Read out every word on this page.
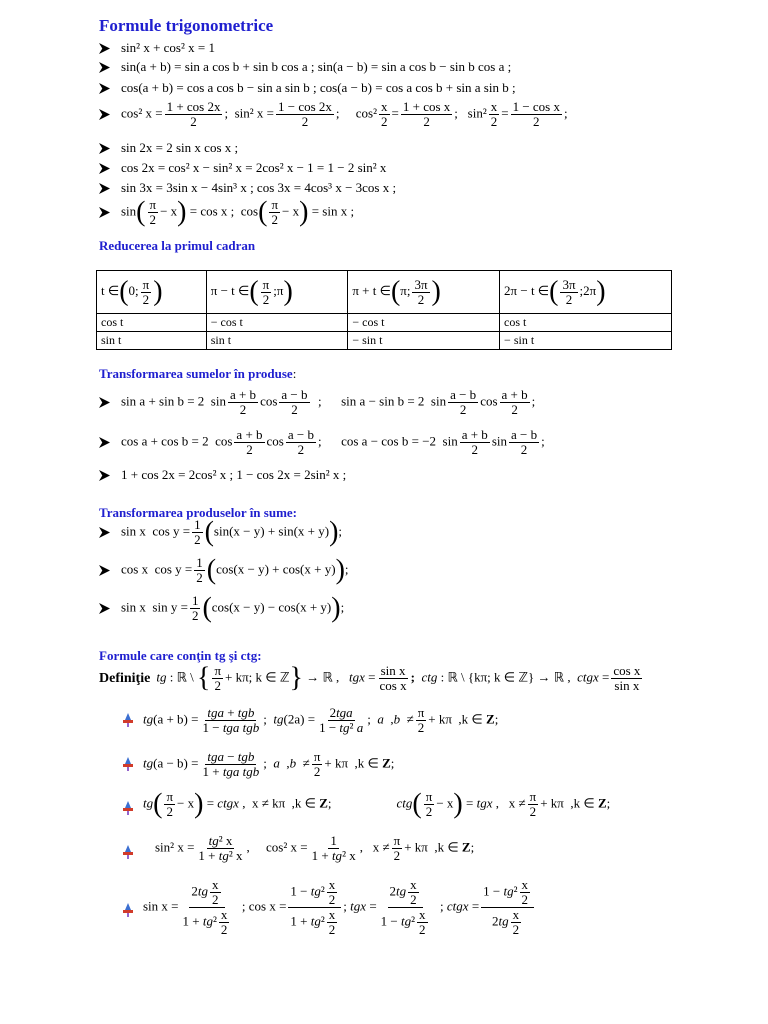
Formule trigonometrice
sin² x + cos² x = 1
sin(a + b) = sin a cos b + sin b cos a ; sin(a − b) = sin a cos b − sin b cos a ;
cos(a + b) = cos a cos b − sin a sin b ; cos(a − b) = cos a cos b + sin a sin b ;
cos² $x = \frac{1 + \cos 2x}{2}$ ;  sin² $x = \frac{1 - \cos 2x}{2}$ ;     $\cos^2 \frac{x}{2} = \frac{\text{1 + cos x}}{2}$ ;   $\sin^2 \frac{x}{2} = \frac{\text{1 − cos x}}{2}$ ;
sin 2x = 2 sin x cos x ;
cos 2x = cos² x − sin² x = 2cos² x − 1 = 1 − 2 sin² x
sin 3x = 3sin x − 4sin³ x ; cos 3x = 4cos³ x − 3cos x ;
$\sin( \frac{\pi}{2} - x) = \cos x$ ;  $\cos( \frac{\pi}{2} - x) = \sin x$ ;
Reducerea la primul cadran
t ∈(0; $\frac{\pi}{2}$ )	π − t ∈( $\frac{\pi}{2}$ ;π)	π + t ∈(π; $\frac{3\pi}{2}$ )	2π − t ∈( $\frac{3\pi}{2}$ ;2π)
cos t	− cos t	− cos t	cos t
sin t	sin t	− sin t	− sin t
Transformarea sumelor în produse:
sin a + sin b = 2  $\sin \frac{a + b}{2}$ $\cos \frac{a - b}{2}$ ;      sin a − sin b = 2  $\sin \frac{a - b}{2}$ $\cos \frac{a + b}{2}$ ;
cos a + cos b = 2  $\cos \frac{a + b}{2}$ $\cos \frac{a - b}{2}$ ;      cos a − cos b = −2  $\sin \frac{a + b}{2}$ $\sin \frac{a - b}{2}$ ;
1 + cos 2x = 2cos² x ; 1 − cos 2x = 2sin² x ;
Transformarea produselor în sume:
sin x  $\cos y = \frac{1}{2} (\sin(x - y) + \sin(x + y))$;
cos x  $\cos y = \frac{1}{2} (\cos(x - y) + \cos(x + y))$;
sin x  $\sin y = \frac{1}{2} (\cos(x - y) - \cos(x + y))$;
Formule care conţin tg şi ctg:
Definiţie tg : ℝ \ { $\frac{\pi}{2} + k\pi$; k ∈ ℤ} → ℝ ,   tgx = $\frac{\text{sin x}}{\text{cos x}}$ ; ctg : ℝ \ {kπ; k ∈ ℤ} → ℝ ,  ctgx = $\frac{\text{cos x}}{\text{sin x}}$
$tg(a + b) = \frac{\text{tga + tgb}}{\text{1 − tga tgb}}$ ;  $tg(2a) = \frac{\text{2tga}}{\text{1 − tg² a}}$ ;  a  $,b \ne \frac{\pi}{2} + k\pi$  ,k ∈ Z;
$tg(a - b) = \frac{\text{tga − tgb}}{\text{1 + tga tgb}}$ ;  a  $,b \ne \frac{\pi}{2} + k\pi$  ,k ∈ Z;
$tg( \frac{\pi}{2} - x)$ = ctgx ,  x ≠ kπ  ,k ∈ Z;                    $ctg( \frac{\pi}{2} - x)$ = tgx ,   $x \ne \frac{\pi}{2} + k\pi$  ,k ∈ Z;
sin² $x = \frac{\text{tg² x}}{\text{1 + tg² x}}$ ,     cos² $x = \frac{1}{\text{1 + tg² x}}$ ,   $x \ne \frac{\pi}{2} + k\pi$  ,k ∈ Z;
$\sin x = \frac{2tg \frac{x}{2}}{1 + tg^2 \frac{x}{2}}$ ; $\cos x = \frac{1 - tg^2 \frac{x}{2}}{1 + tg^2 \frac{x}{2}}$ ; tgx = $\frac{2tg \frac{x}{2}}{1 - tg^2 \frac{x}{2}}$ ; ctgx = $\frac{1 - tg^2 \frac{x}{2}}{2tg \frac{x}{2}}$
